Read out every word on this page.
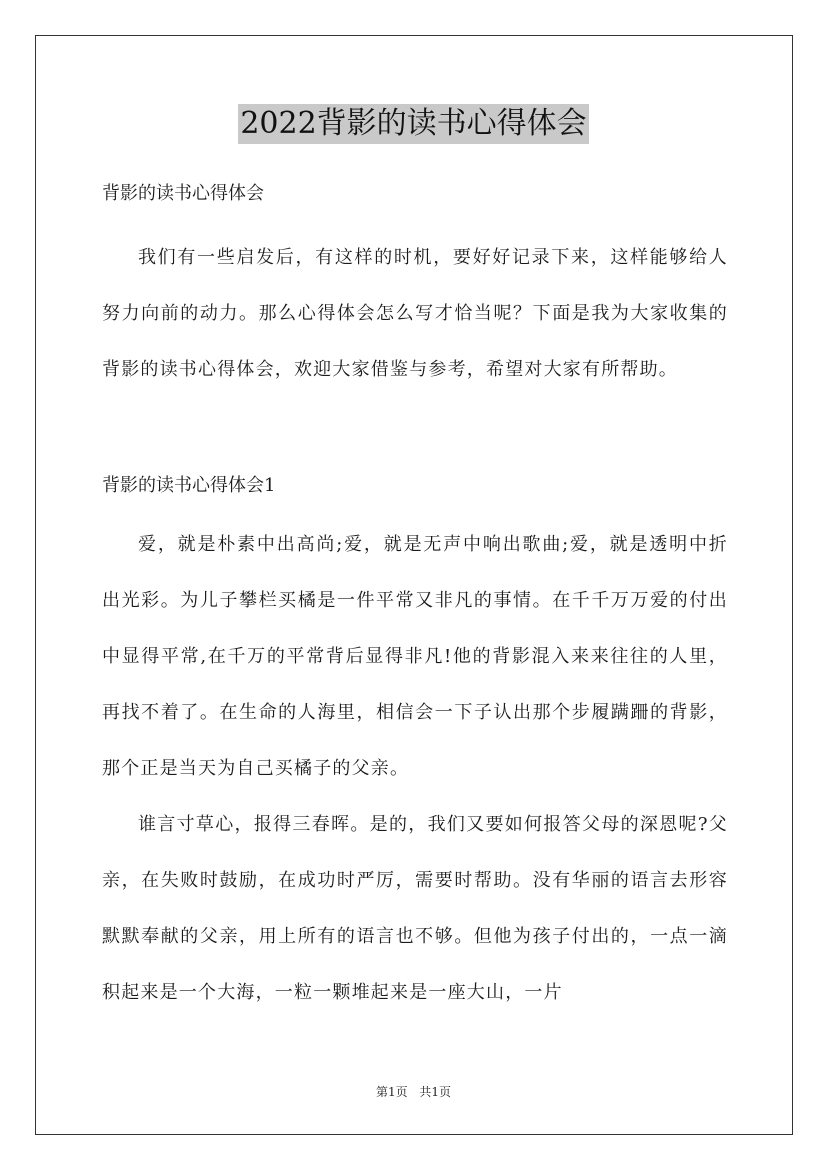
2022背影的读书心得体会

背影的读书心得体会

我们有一些启发后，有这样的时机，要好好记录下来，这样能够给人努力向前的动力。那么心得体会怎么写才恰当呢？下面是我为大家收集的背影的读书心得体会，欢迎大家借鉴与参考，希望对大家有所帮助。

背影的读书心得体会1

爱，就是朴素中出高尚;爱，就是无声中响出歌曲;爱，就是透明中折出光彩。为儿子攀栏买橘是一件平常又非凡的事情。在千千万万爱的付出中显得平常,在千万的平常背后显得非凡!他的背影混入来来往往的人里，再找不着了。在生命的人海里，相信会一下子认出那个步履蹒跚的背影，那个正是当天为自己买橘子的父亲。

谁言寸草心，报得三春晖。是的，我们又要如何报答父母的深恩呢?父亲，在失败时鼓励，在成功时严厉，需要时帮助。没有华丽的语言去形容默默奉献的父亲，用上所有的语言也不够。但他为孩子付出的，一点一滴积起来是一个大海，一粒一颗堆起来是一座大山，一片

第1页 共1页
